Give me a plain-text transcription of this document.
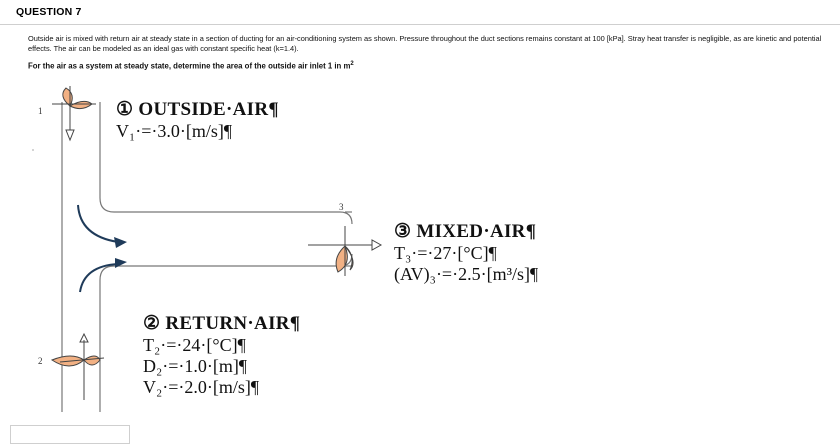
QUESTION 7
Outside air is mixed with return air at steady state in a section of ducting for an air-conditioning system as shown. Pressure throughout the duct sections remains constant at 100 [kPa]. Stray heat transfer is negligible, as are kinetic and potential effects. The air can be modeled as an ideal gas with constant specific heat (k=1.4).
For the air as a system at steady state, determine the area of the outside air inlet 1 in $m^2$
1
2
3
① OUTSIDE·AIR¶
V₁·=·3.0·[m/s]¶
② RETURN·AIR¶
T₂·=·24·[°C]¶
D₂·=·1.0·[m]¶
V₂·=·2.0·[m/s]¶
③ MIXED·AIR¶
T₃·=·27·[°C]¶
(AV)₃·=·2.5·[m³/s]¶
